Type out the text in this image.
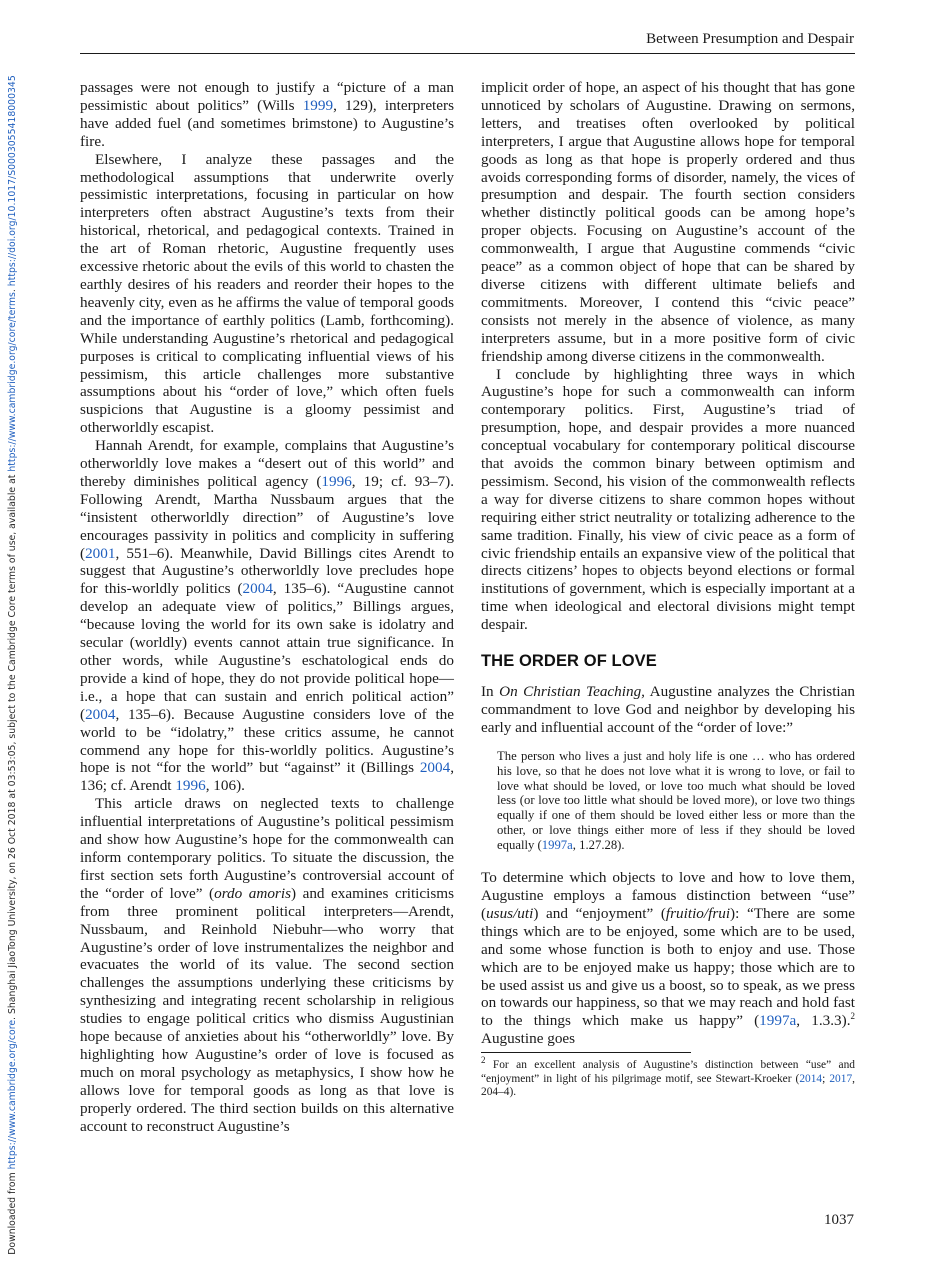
Downloaded from https://www.cambridge.org/core. Shanghai JiaoTong University, on 26 Oct 2018 at 03:53:05, subject to the Cambridge Core terms of use, available at https://www.cambridge.org/core/terms. https://doi.org/10.1017/S0003055418000345
Between Presumption and Despair

passages were not enough to justify a “picture of a man pessimistic about politics” (Wills 1999, 129), interpreters have added fuel (and sometimes brimstone) to Augustine’s fire.

Elsewhere, I analyze these passages and the methodological assumptions that underwrite overly pessimistic interpretations, focusing in particular on how interpreters often abstract Augustine’s texts from their historical, rhetorical, and pedagogical contexts. Trained in the art of Roman rhetoric, Augustine frequently uses excessive rhetoric about the evils of this world to chasten the earthly desires of his readers and reorder their hopes to the heavenly city, even as he affirms the value of temporal goods and the importance of earthly politics (Lamb, forthcoming). While understanding Augustine’s rhetorical and pedagogical purposes is critical to complicating influential views of his pessimism, this article challenges more substantive assumptions about his “order of love,” which often fuels suspicions that Augustine is a gloomy pessimist and otherworldly escapist.

Hannah Arendt, for example, complains that Augustine’s otherworldly love makes a “desert out of this world” and thereby diminishes political agency (1996, 19; cf. 93–7). Following Arendt, Martha Nussbaum argues that the “insistent otherworldly direction” of Augustine’s love encourages passivity in politics and complicity in suffering (2001, 551–6). Meanwhile, David Billings cites Arendt to suggest that Augustine’s otherworldly love precludes hope for this-worldly politics (2004, 135–6). “Augustine cannot develop an adequate view of politics,” Billings argues, “because loving the world for its own sake is idolatry and secular (worldly) events cannot attain true significance. In other words, while Augustine’s eschatological ends do provide a kind of hope, they do not provide political hope—i.e., a hope that can sustain and enrich political action” (2004, 135–6). Because Augustine considers love of the world to be “idolatry,” these critics assume, he cannot commend any hope for this-worldly politics. Augustine’s hope is not “for the world” but “against” it (Billings 2004, 136; cf. Arendt 1996, 106).

This article draws on neglected texts to challenge influential interpretations of Augustine’s political pessimism and show how Augustine’s hope for the commonwealth can inform contemporary politics. To situate the discussion, the first section sets forth Augustine’s controversial account of the “order of love” (ordo amoris) and examines criticisms from three prominent political interpreters—Arendt, Nussbaum, and Reinhold Niebuhr—who worry that Augustine’s order of love instrumentalizes the neighbor and evacuates the world of its value. The second section challenges the assumptions underlying these criticisms by synthesizing and integrating recent scholarship in religious studies to engage political critics who dismiss Augustinian hope because of anxieties about his “otherworldly” love. By highlighting how Augustine’s order of love is focused as much on moral psychology as metaphysics, I show how he allows love for temporal goods as long as that love is properly ordered. The third section builds on this alternative account to reconstruct Augustine’s

implicit order of hope, an aspect of his thought that has gone unnoticed by scholars of Augustine. Drawing on sermons, letters, and treatises often overlooked by political interpreters, I argue that Augustine allows hope for temporal goods as long as that hope is properly ordered and thus avoids corresponding forms of disorder, namely, the vices of presumption and despair. The fourth section considers whether distinctly political goods can be among hope’s proper objects. Focusing on Augustine’s account of the commonwealth, I argue that Augustine commends “civic peace” as a common object of hope that can be shared by diverse citizens with different ultimate beliefs and commitments. Moreover, I contend this “civic peace” consists not merely in the absence of violence, as many interpreters assume, but in a more positive form of civic friendship among diverse citizens in the commonwealth.

I conclude by highlighting three ways in which Augustine’s hope for such a commonwealth can inform contemporary politics. First, Augustine’s triad of presumption, hope, and despair provides a more nuanced conceptual vocabulary for contemporary political discourse that avoids the common binary between optimism and pessimism. Second, his vision of the commonwealth reflects a way for diverse citizens to share common hopes without requiring either strict neutrality or totalizing adherence to the same tradition. Finally, his view of civic peace as a form of civic friendship entails an expansive view of the political that directs citizens’ hopes to objects beyond elections or formal institutions of government, which is especially important at a time when ideological and electoral divisions might tempt despair.

THE ORDER OF LOVE

In On Christian Teaching, Augustine analyzes the Christian commandment to love God and neighbor by developing his early and influential account of the “order of love:”

The person who lives a just and holy life is one … who has ordered his love, so that he does not love what it is wrong to love, or fail to love what should be loved, or love too much what should be loved less (or love too little what should be loved more), or love two things equally if one of them should be loved either less or more than the other, or love things either more of less if they should be loved equally (1997a, 1.27.28).

To determine which objects to love and how to love them, Augustine employs a famous distinction between “use” (usus/uti) and “enjoyment” (fruitio/frui): “There are some things which are to be enjoyed, some which are to be used, and some whose function is both to enjoy and use. Those which are to be enjoyed make us happy; those which are to be used assist us and give us a boost, so to speak, as we press on towards our happiness, so that we may reach and hold fast to the things which make us happy” (1997a, 1.3.3).$^2$ Augustine goes

$^2$ For an excellent analysis of Augustine’s distinction between “use” and “enjoyment” in light of his pilgrimage motif, see Stewart-Kroeker (2014; 2017, 204–4).
1037
